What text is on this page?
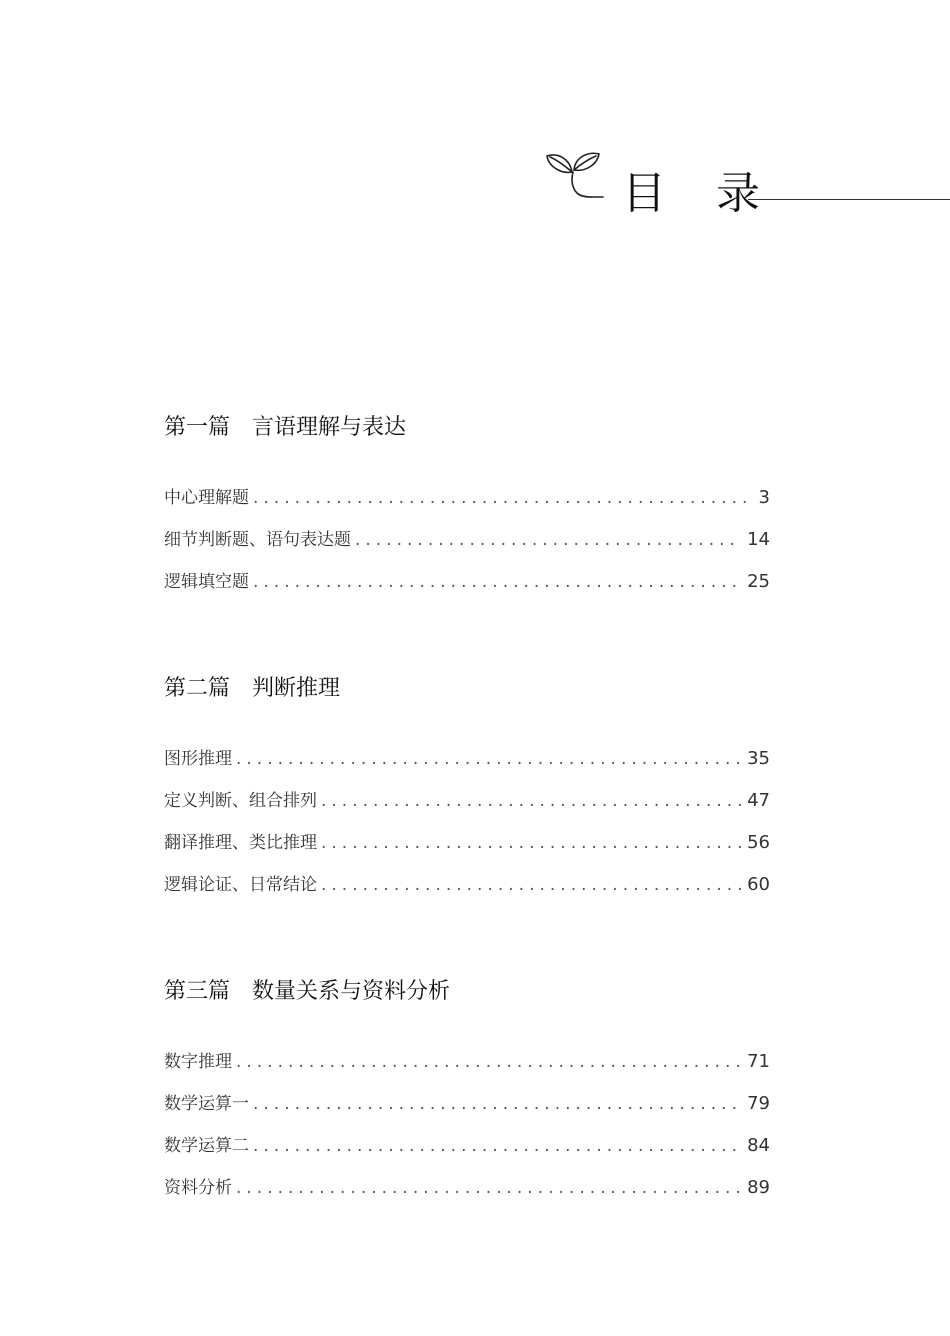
目 录
第一篇 言语理解与表达
中心理解题 .....	3
细节判断题、语句表达题 .....	14
逻辑填空题 .....	25
第二篇 判断推理
图形推理 .....	35
定义判断、组合排列 .....	47
翻译推理、类比推理 .....	56
逻辑论证、日常结论 .....	60
第三篇 数量关系与资料分析
数字推理 .....	71
数学运算一 .....	79
数学运算二 .....	84
资料分析 .....	89
